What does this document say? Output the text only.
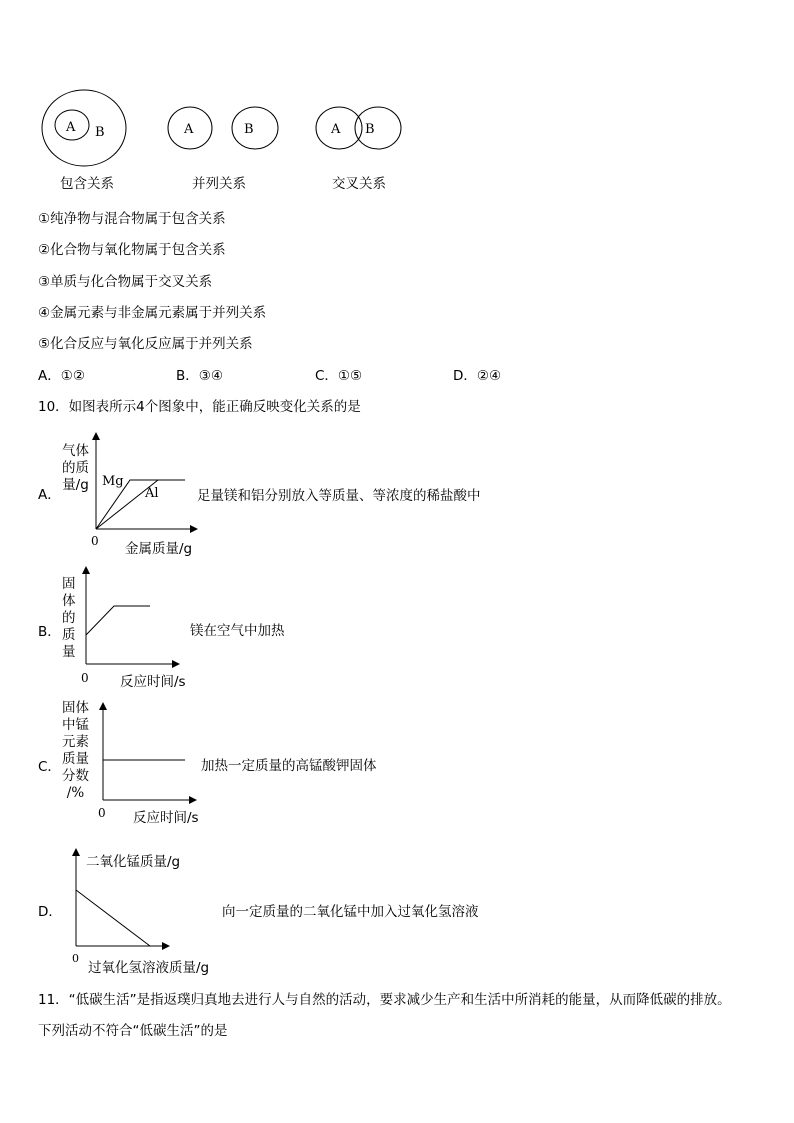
A B
包含关系
A	B
并列关系
A B
交叉关系
①纯净物与混合物属于包含关系
②化合物与氧化物属于包含关系
③单质与化合物属于交叉关系
④金属元素与非金属元素属于并列关系
⑤化合反应与氧化反应属于并列关系
A．①②	B．③④	C．①⑤	D．②④
10．如图表所示4个图象中，能正确反映变化关系的是
A．
气体
的质
量/g Mg
Al
0 金属质量/g
足量镁和铝分别放入等质量、等浓度的稀盐酸中
B．
固
体
的
质
量
0 反应时间/s
镁在空气中加热
C．
固体
中锰
元素
质量
分数
/%
0 反应时间/s
加热一定质量的高锰酸钾固体
D．
二氧化锰质量/g
0
过氧化氢溶液质量/g
向一定质量的二氧化锰中加入过氧化氢溶液
11．“低碳生活”是指返璞归真地去进行人与自然的活动，要求减少生产和生活中所消耗的能量，从而降低碳的排放。
下列活动不符合“低碳生活”的是
